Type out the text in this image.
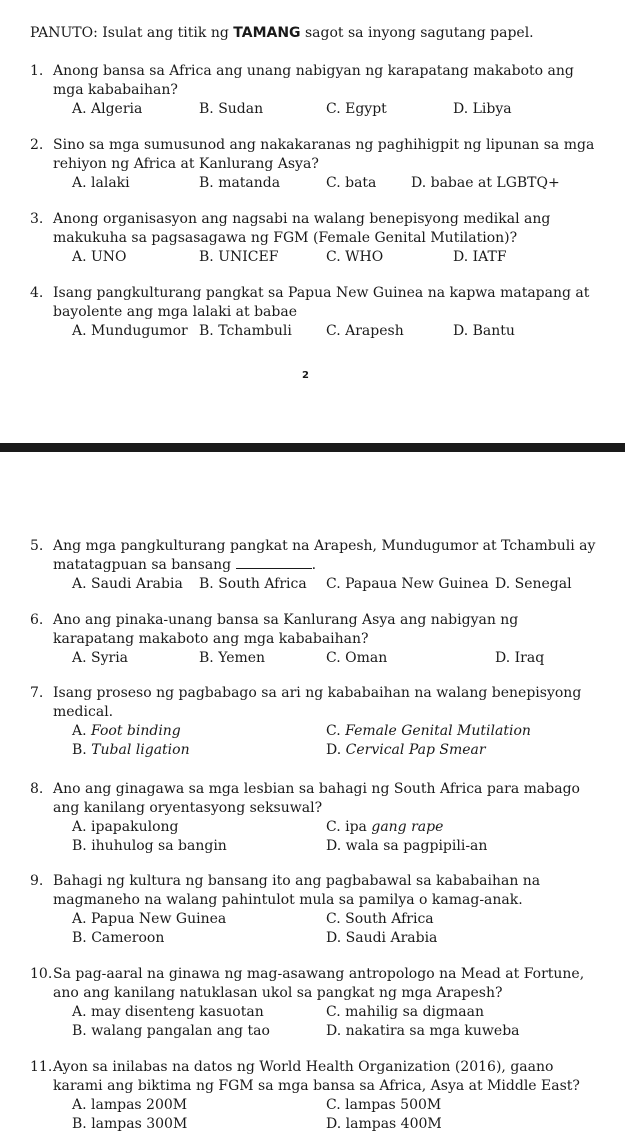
PANUTO: Isulat ang titik ng TAMANG sagot sa inyong sagutang papel.
1. Anong bansa sa Africa ang unang nabigyan ng karapatang makaboto ang mga kababaihan?
A. Algeria	B. Sudan	C. Egypt	D. Libya
2. Sino sa mga sumusunod ang nakakaranas ng paghihigpit ng lipunan sa mga rehiyon ng Africa at Kanlurang Asya?
A. lalaki	B. matanda	C. bata D. babae at LGBTQ+
3. Anong organisasyon ang nagsabi na walang benepisyong medikal ang makukuha sa pagsasagawa ng FGM (Female Genital Mutilation)?
A. UNO	B. UNICEF	C. WHO	D. IATF
4. Isang pangkulturang pangkat sa Papua New Guinea na kapwa matapang at bayolente ang mga lalaki at babae
A. Mundugumor B. Tchambuli C. Arapesh	D. Bantu
2
5. Ang mga pangkulturang pangkat na Arapesh, Mundugumor at Tchambuli ay matatagpuan sa bansang	.
A. Saudi Arabia B. South Africa C. Papaua New Guinea D. Senegal
6. Ano ang pinaka-unang bansa sa Kanlurang Asya ang nabigyan ng karapatang makaboto ang mga kababaihan?
A. Syria	B. Yemen	C. Oman	D. Iraq
7. Isang proseso ng pagbabago sa ari ng kababaihan na walang benepisyong medical.
A. Foot binding	C. Female Genital Mutilation
B. Tubal ligation	D. Cervical Pap Smear
8. Ano ang ginagawa sa mga lesbian sa bahagi ng South Africa para mabago ang kanilang oryentasyong seksuwal?
A. ipapakulong	C. ipa gang rape
B. ihuhulog sa bangin	D. wala sa pagpipili-an
9. Bahagi ng kultura ng bansang ito ang pagbabawal sa kababaihan na magmaneho na walang pahintulot mula sa pamilya o kamag-anak.
A. Papua New Guinea	C. South Africa
B. Cameroon	D. Saudi Arabia
10.Sa pag-aaral na ginawa ng mag-asawang antropologo na Mead at Fortune, ano ang kanilang natuklasan ukol sa pangkat ng mga Arapesh?
A. may disenteng kasuotan	C. mahilig sa digmaan
B. walang pangalan ang tao	D. nakatira sa mga kuweba
11.Ayon sa inilabas na datos ng World Health Organization (2016), gaano karami ang biktima ng FGM sa mga bansa sa Africa, Asya at Middle East?
A. lampas 200M	C. lampas 500M
B. lampas 300M	D. lampas 400M
